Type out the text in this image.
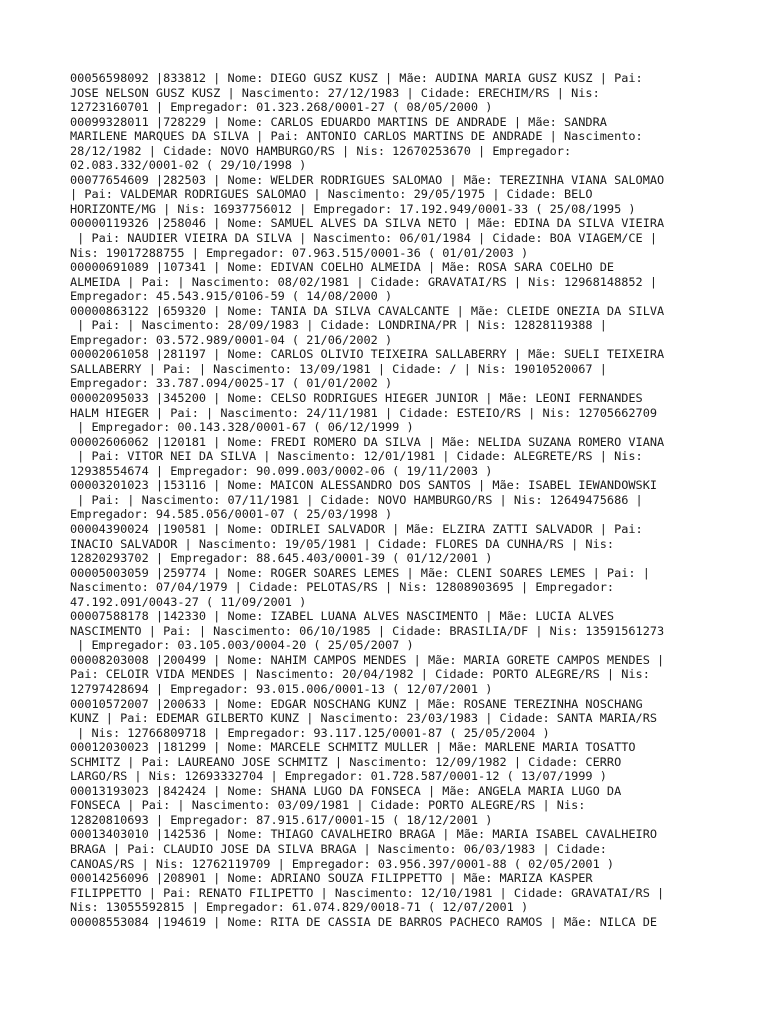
00056598092 |833812 | Nome: DIEGO GUSZ KUSZ | Mãe: AUDINA MARIA GUSZ KUSZ | Pai:
JOSE NELSON GUSZ KUSZ | Nascimento: 27/12/1983 | Cidade: ERECHIM/RS | Nis:
12723160701 | Empregador: 01.323.268/0001-27 ( 08/05/2000 )
00099328011 |728229 | Nome: CARLOS EDUARDO MARTINS DE ANDRADE | Mãe: SANDRA
MARILENE MARQUES DA SILVA | Pai: ANTONIO CARLOS MARTINS DE ANDRADE | Nascimento:
28/12/1982 | Cidade: NOVO HAMBURGO/RS | Nis: 12670253670 | Empregador:
02.083.332/0001-02 ( 29/10/1998 )
00077654609 |282503 | Nome: WELDER RODRIGUES SALOMAO | Mãe: TEREZINHA VIANA SALOMAO
| Pai: VALDEMAR RODRIGUES SALOMAO | Nascimento: 29/05/1975 | Cidade: BELO
HORIZONTE/MG | Nis: 16937756012 | Empregador: 17.192.949/0001-33 ( 25/08/1995 )
00000119326 |258046 | Nome: SAMUEL ALVES DA SILVA NETO | Mãe: EDINA DA SILVA VIEIRA
| Pai: NAUDIER VIEIRA DA SILVA | Nascimento: 06/01/1984 | Cidade: BOA VIAGEM/CE |
Nis: 19017288755 | Empregador: 07.963.515/0001-36 ( 01/01/2003 )
00000691089 |107341 | Nome: EDIVAN COELHO ALMEIDA | Mãe: ROSA SARA COELHO DE
ALMEIDA | Pai: | Nascimento: 08/02/1981 | Cidade: GRAVATAI/RS | Nis: 12968148852 |
Empregador: 45.543.915/0106-59 ( 14/08/2000 )
00000863122 |659320 | Nome: TANIA DA SILVA CAVALCANTE | Mãe: CLEIDE ONEZIA DA SILVA
| Pai: | Nascimento: 28/09/1983 | Cidade: LONDRINA/PR | Nis: 12828119388 |
Empregador: 03.572.989/0001-04 ( 21/06/2002 )
00002061058 |281197 | Nome: CARLOS OLIVIO TEIXEIRA SALLABERRY | Mãe: SUELI TEIXEIRA
SALLABERRY | Pai: | Nascimento: 13/09/1981 | Cidade: / | Nis: 19010520067 |
Empregador: 33.787.094/0025-17 ( 01/01/2002 )
00002095033 |345200 | Nome: CELSO RODRIGUES HIEGER JUNIOR | Mãe: LEONI FERNANDES
HALM HIEGER | Pai: | Nascimento: 24/11/1981 | Cidade: ESTEIO/RS | Nis: 12705662709
| Empregador: 00.143.328/0001-67 ( 06/12/1999 )
00002606062 |120181 | Nome: FREDI ROMERO DA SILVA | Mãe: NELIDA SUZANA ROMERO VIANA
| Pai: VITOR NEI DA SILVA | Nascimento: 12/01/1981 | Cidade: ALEGRETE/RS | Nis:
12938554674 | Empregador: 90.099.003/0002-06 ( 19/11/2003 )
00003201023 |153116 | Nome: MAICON ALESSANDRO DOS SANTOS | Mãe: ISABEL IEWANDOWSKI
| Pai: | Nascimento: 07/11/1981 | Cidade: NOVO HAMBURGO/RS | Nis: 12649475686 |
Empregador: 94.585.056/0001-07 ( 25/03/1998 )
00004390024 |190581 | Nome: ODIRLEI SALVADOR | Mãe: ELZIRA ZATTI SALVADOR | Pai:
INACIO SALVADOR | Nascimento: 19/05/1981 | Cidade: FLORES DA CUNHA/RS | Nis:
12820293702 | Empregador: 88.645.403/0001-39 ( 01/12/2001 )
00005003059 |259774 | Nome: ROGER SOARES LEMES | Mãe: CLENI SOARES LEMES | Pai: |
Nascimento: 07/04/1979 | Cidade: PELOTAS/RS | Nis: 12808903695 | Empregador:
47.192.091/0043-27 ( 11/09/2001 )
00007588178 |142330 | Nome: IZABEL LUANA ALVES NASCIMENTO | Mãe: LUCIA ALVES
NASCIMENTO | Pai: | Nascimento: 06/10/1985 | Cidade: BRASILIA/DF | Nis: 13591561273
| Empregador: 03.105.003/0004-20 ( 25/05/2007 )
00008203008 |200499 | Nome: NAHIM CAMPOS MENDES | Mãe: MARIA GORETE CAMPOS MENDES |
Pai: CELOIR VIDA MENDES | Nascimento: 20/04/1982 | Cidade: PORTO ALEGRE/RS | Nis:
12797428694 | Empregador: 93.015.006/0001-13 ( 12/07/2001 )
00010572007 |200633 | Nome: EDGAR NOSCHANG KUNZ | Mãe: ROSANE TEREZINHA NOSCHANG
KUNZ | Pai: EDEMAR GILBERTO KUNZ | Nascimento: 23/03/1983 | Cidade: SANTA MARIA/RS
| Nis: 12766809718 | Empregador: 93.117.125/0001-87 ( 25/05/2004 )
00012030023 |181299 | Nome: MARCELE SCHMITZ MULLER | Mãe: MARLENE MARIA TOSATTO
SCHMITZ | Pai: LAUREANO JOSE SCHMITZ | Nascimento: 12/09/1982 | Cidade: CERRO
LARGO/RS | Nis: 12693332704 | Empregador: 01.728.587/0001-12 ( 13/07/1999 )
00013193023 |842424 | Nome: SHANA LUGO DA FONSECA | Mãe: ANGELA MARIA LUGO DA
FONSECA | Pai: | Nascimento: 03/09/1981 | Cidade: PORTO ALEGRE/RS | Nis:
12820810693 | Empregador: 87.915.617/0001-15 ( 18/12/2001 )
00013403010 |142536 | Nome: THIAGO CAVALHEIRO BRAGA | Mãe: MARIA ISABEL CAVALHEIRO
BRAGA | Pai: CLAUDIO JOSE DA SILVA BRAGA | Nascimento: 06/03/1983 | Cidade:
CANOAS/RS | Nis: 12762119709 | Empregador: 03.956.397/0001-88 ( 02/05/2001 )
00014256096 |208901 | Nome: ADRIANO SOUZA FILIPPETTO | Mãe: MARIZA KASPER
FILIPPETTO | Pai: RENATO FILIPETTO | Nascimento: 12/10/1981 | Cidade: GRAVATAI/RS |
Nis: 13055592815 | Empregador: 61.074.829/0018-71 ( 12/07/2001 )
00008553084 |194619 | Nome: RITA DE CASSIA DE BARROS PACHECO RAMOS | Mãe: NILCA DE
